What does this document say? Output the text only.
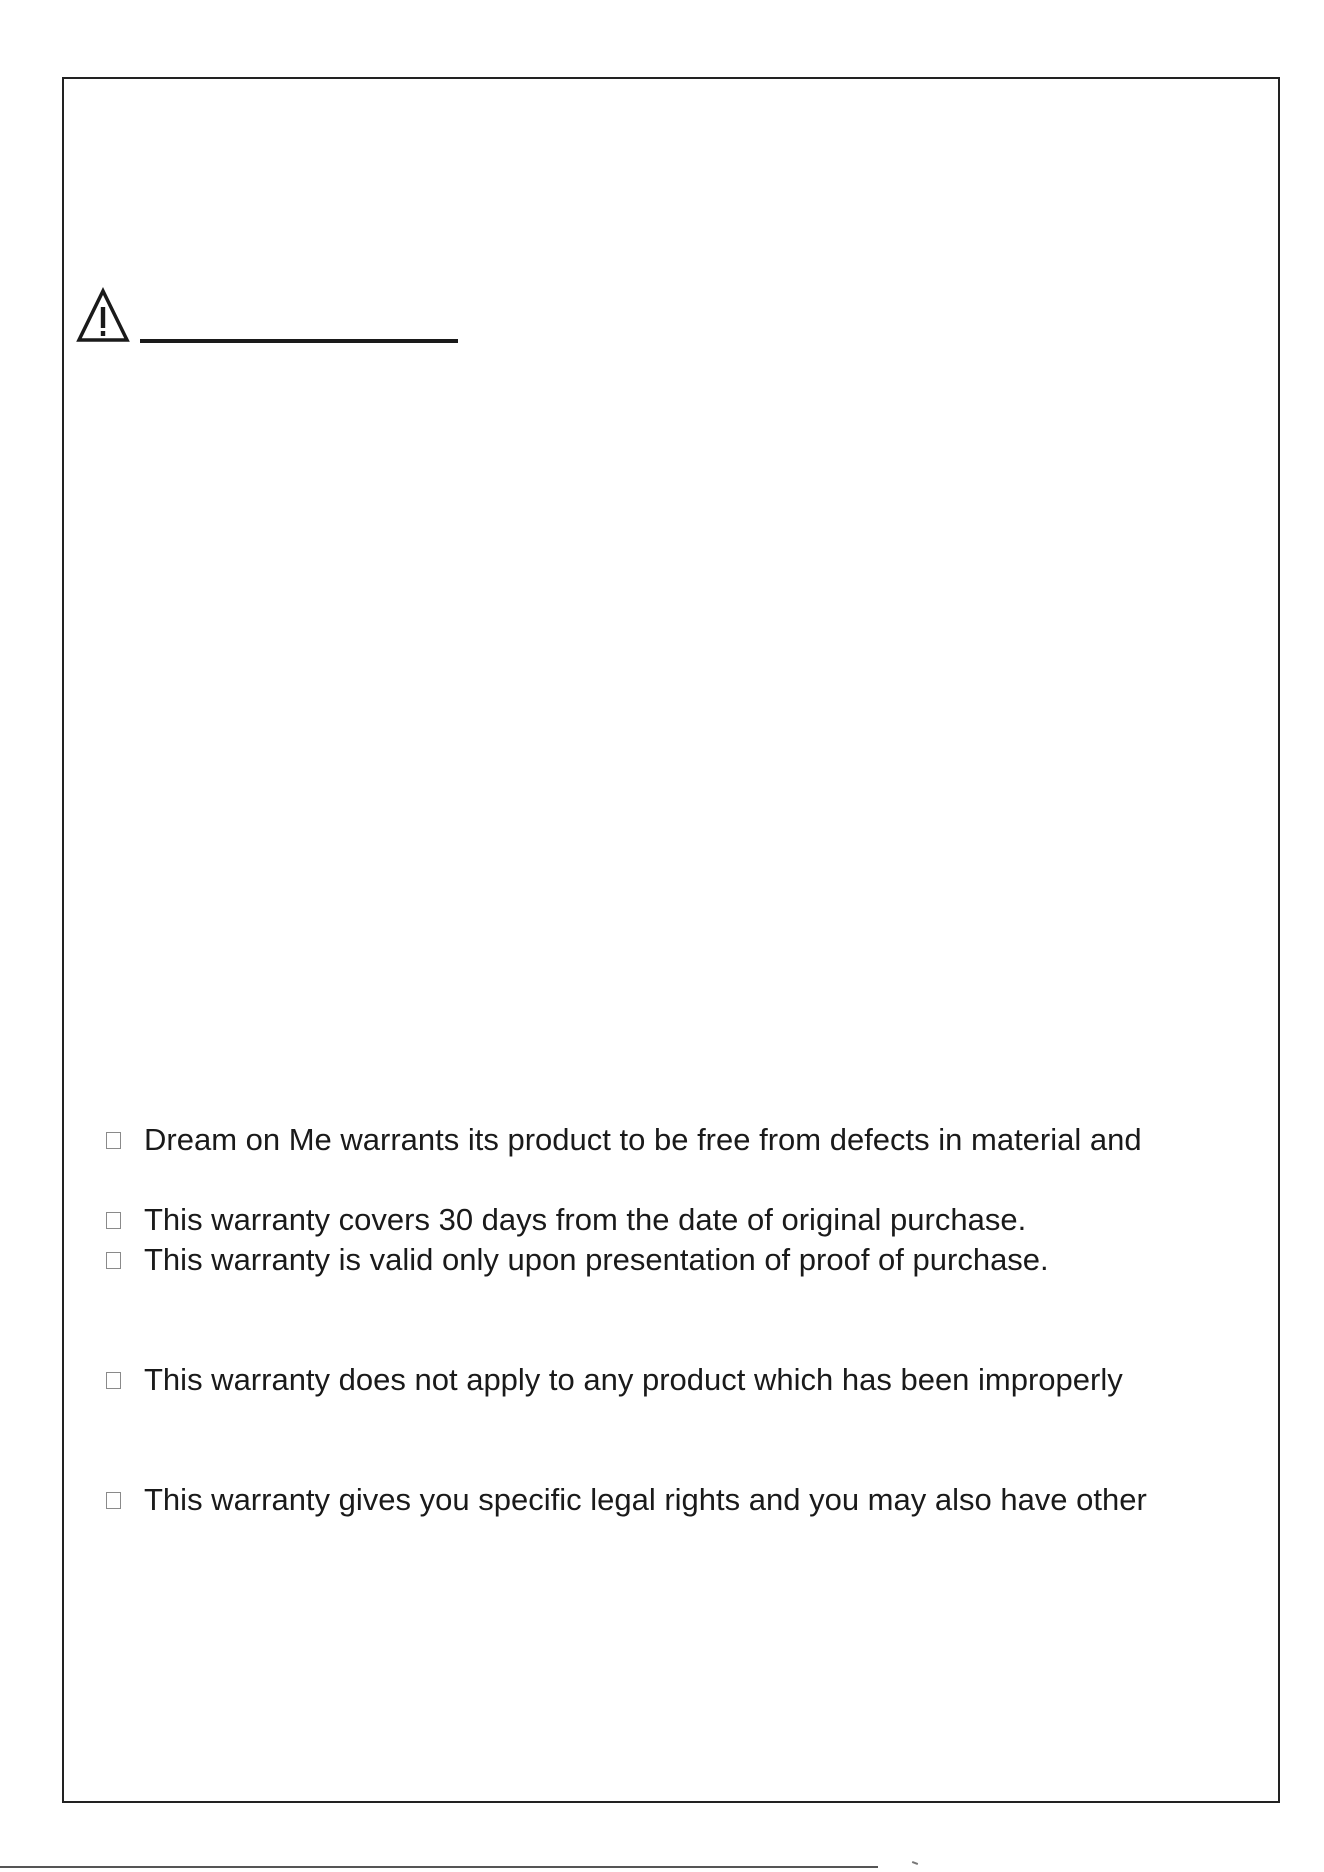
Dream on Me warrants its product to be free from defects in material and
This warranty covers 30 days from the date of original purchase.
This warranty is valid only upon presentation of proof of purchase.
This warranty does not apply to any product which has been improperly
This warranty gives you specific legal rights and you may also have other
